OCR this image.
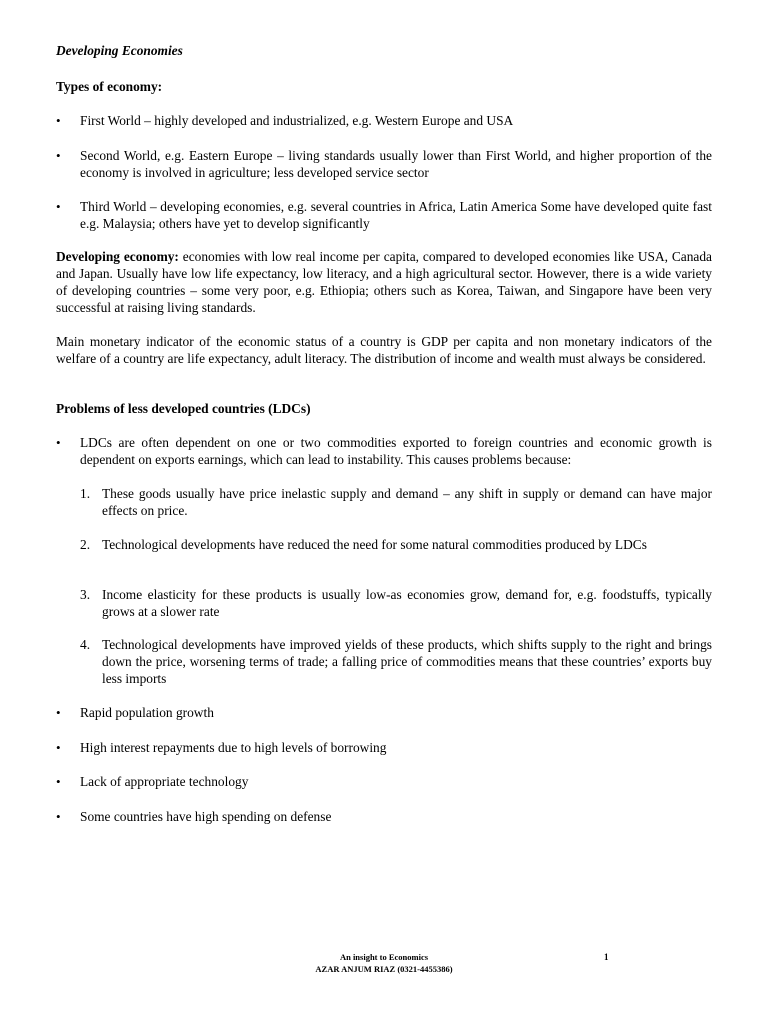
Developing Economies
Types of economy:
•	First World – highly developed and industrialized, e.g. Western Europe and USA
•	Second World, e.g. Eastern Europe – living standards usually lower than First World, and higher proportion of the economy is involved in agriculture; less developed service sector
•	Third World – developing economies, e.g. several countries in Africa, Latin America Some have developed quite fast e.g. Malaysia; others have yet to develop significantly
Developing economy: economies with low real income per capita, compared to developed economies like USA, Canada and Japan. Usually have low life expectancy, low literacy, and a high agricultural sector. However, there is a wide variety of developing countries – some very poor, e.g. Ethiopia; others such as Korea, Taiwan, and Singapore have been very successful at raising living standards.
Main monetary indicator of the economic status of a country is GDP per capita and non monetary indicators of the welfare of a country are life expectancy, adult literacy. The distribution of income and wealth must always be considered.
Problems of less developed countries (LDCs)
•	LDCs are often dependent on one or two commodities exported to foreign countries and economic growth is dependent on exports earnings, which can lead to instability. This causes problems because:
1. These goods usually have price inelastic supply and demand – any shift in supply or demand can have major effects on price.
2. Technological developments have reduced the need for some natural commodities produced by LDCs
3. Income elasticity for these products is usually low-as economies grow, demand for, e.g. foodstuffs, typically grows at a slower rate
4. Technological developments have improved yields of these products, which shifts supply to the right and brings down the price, worsening terms of trade; a falling price of commodities means that these countries’ exports buy less imports
•	Rapid population growth
•	High interest repayments due to high levels of borrowing
•	Lack of appropriate technology
•	Some countries have high spending on defense
An insight to Economics
AZAR ANJUM RIAZ (0321-4455386)
1
